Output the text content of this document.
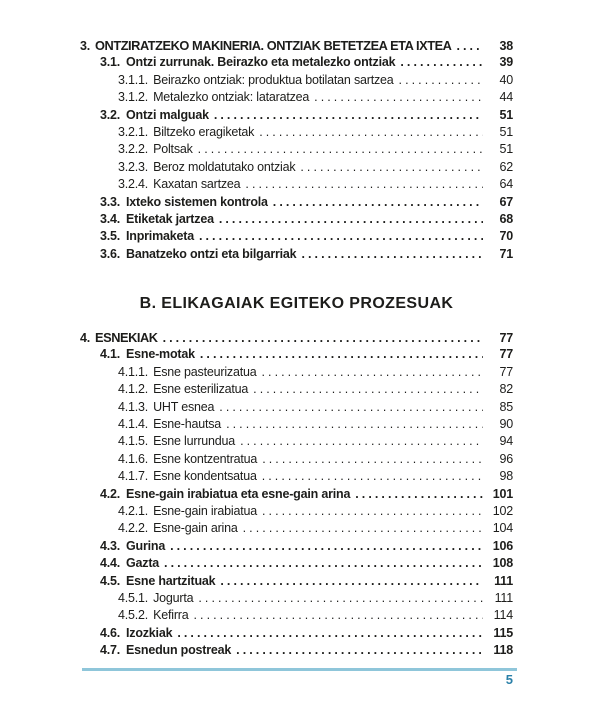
3. ONTZIRATZEKO MAKINERIA. ONTZIAK BETETZEA ETA IXTEA . . .	38
3.1. Ontzi zurrunak. Beirazko eta metalezko ontziak . . .	39
3.1.1. Beirazko ontziak: produktua botilatan sartzea . . .	40
3.1.2. Metalezko ontziak: lataratzea . . .	44
3.2. Ontzi malguak . . .	51
3.2.1. Biltzeko eragiketak . . .	51
3.2.2. Poltsak . . .	51
3.2.3. Beroz moldatutako ontziak . . .	62
3.2.4. Kaxatan sartzea . . .	64
3.3. Ixteko sistemen kontrola . . .	67
3.4. Etiketak jartzea . . .	68
3.5. Inprimaketa . . .	70
3.6. Banatzeko ontzi eta bilgarriak . . .	71
B. ELIKAGAIAK EGITEKO PROZESUAK
4. ESNEKIAK . . .	77
4.1. Esne-motak . . .	77
4.1.1. Esne pasteurizatua . . .	77
4.1.2. Esne esterilizatua . . .	82
4.1.3. UHT esnea . . .	85
4.1.4. Esne-hautsa . . .	90
4.1.5. Esne lurrundua . . .	94
4.1.6. Esne kontzentratua . . .	96
4.1.7. Esne kondentsatua . . .	98
4.2. Esne-gain irabiatua eta esne-gain arina . . .	101
4.2.1. Esne-gain irabiatua . . .	102
4.2.2. Esne-gain arina . . .	104
4.3. Gurina . . .	106
4.4. Gazta . . .	108
4.5. Esne hartzituak . . .	111
4.5.1. Jogurta . . .	111
4.5.2. Kefirra . . .	114
4.6. Izozkiak . . .	115
4.7. Esnedun postreak . . .	118
5
